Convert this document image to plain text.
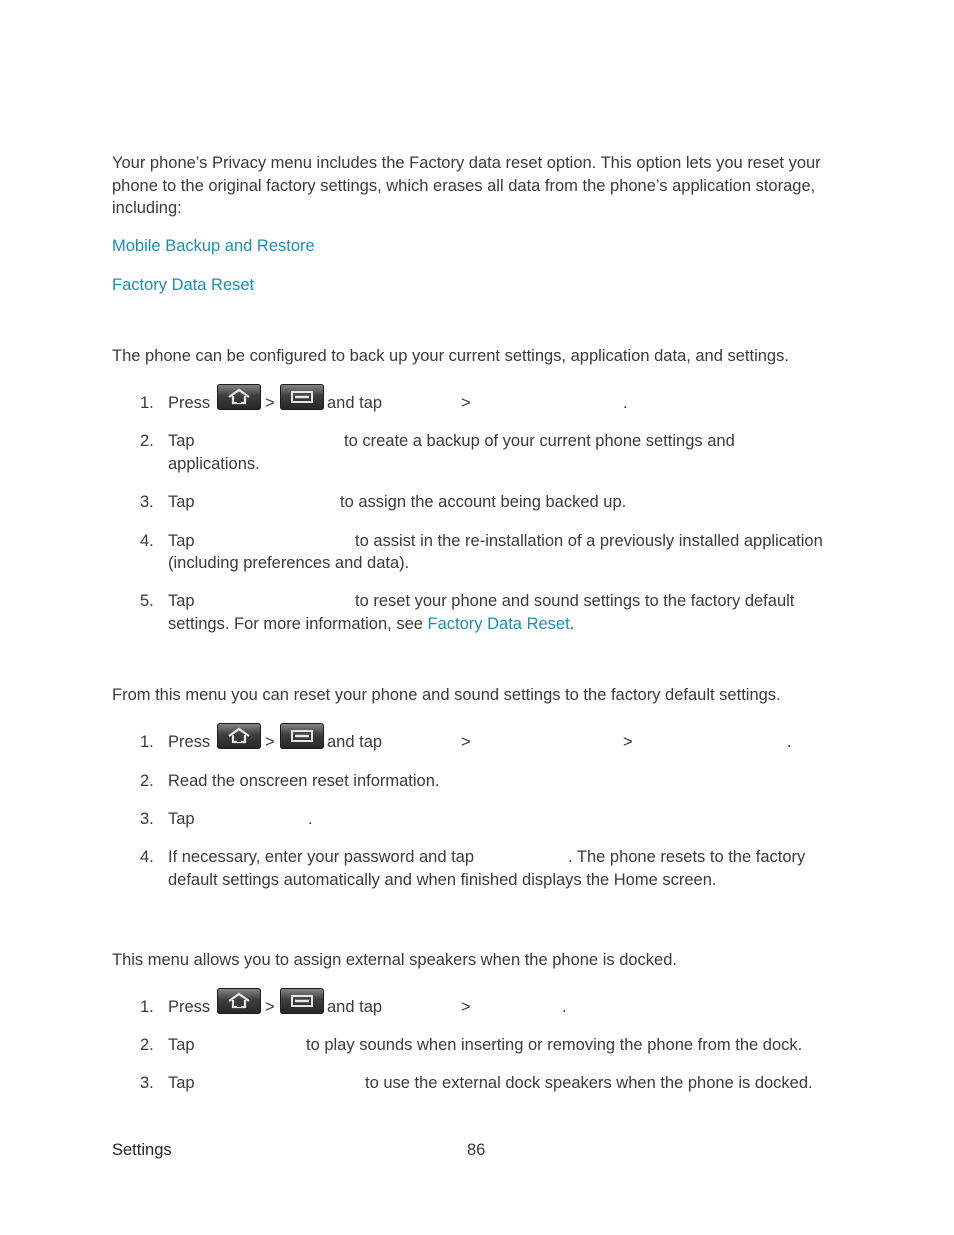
Your phone’s Privacy menu includes the Factory data reset option. This option lets you reset your phone to the original factory settings, which erases all data from the phone’s application storage, including:
Mobile Backup and Restore
Factory Data Reset
The phone can be configured to back up your current settings, application data, and settings.
1. Press	>	and tap	>	.
2. Tap	to create a backup of your current phone settings and
applications.
3. Tap	to assign the account being backed up.
4. Tap	to assist in the re-installation of a previously installed application
(including preferences and data).
5. Tap	to reset your phone and sound settings to the factory default
settings. For more information, see Factory Data Reset.
From this menu you can reset your phone and sound settings to the factory default settings.
1. Press	>	and tap	>	>	.
2. Read the onscreen reset information.
3. Tap	.
4. If necessary, enter your password and tap	. The phone resets to the factory
default settings automatically and when finished displays the Home screen.
This menu allows you to assign external speakers when the phone is docked.
1. Press	>	and tap	>	.
2. Tap	to play sounds when inserting or removing the phone from the dock.
3. Tap	to use the external dock speakers when the phone is docked.
Settings	86
